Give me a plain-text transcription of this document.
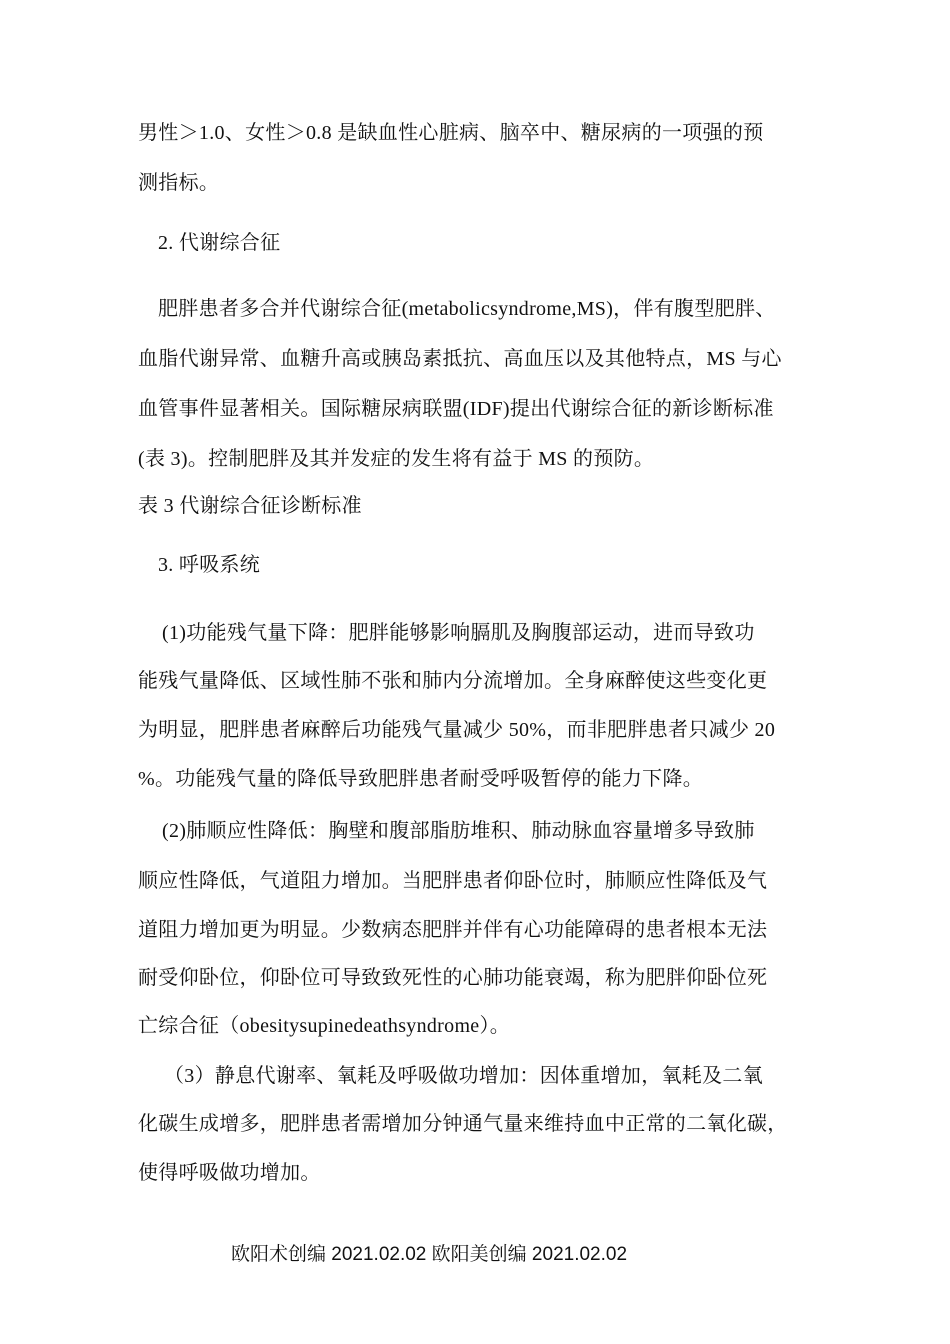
男性＞1.0、女性＞0.8 是缺血性心脏病、脑卒中、糖尿病的一项强的预
测指标。
2. 代谢综合征
肥胖患者多合并代谢综合征(metabolicsyndrome,MS)，伴有腹型肥胖、
血脂代谢异常、血糖升高或胰岛素抵抗、高血压以及其他特点，MS 与心
血管事件显著相关。国际糖尿病联盟(IDF)提出代谢综合征的新诊断标准
(表 3)。控制肥胖及其并发症的发生将有益于 MS 的预防。
表 3 代谢综合征诊断标准
3. 呼吸系统
(1)功能残气量下降：肥胖能够影响膈肌及胸腹部运动，进而导致功
能残气量降低、区域性肺不张和肺内分流增加。全身麻醉使这些变化更
为明显，肥胖患者麻醉后功能残气量减少 50%，而非肥胖患者只减少 20
%。功能残气量的降低导致肥胖患者耐受呼吸暂停的能力下降。
(2)肺顺应性降低：胸壁和腹部脂肪堆积、肺动脉血容量增多导致肺
顺应性降低，气道阻力增加。当肥胖患者仰卧位时，肺顺应性降低及气
道阻力增加更为明显。少数病态肥胖并伴有心功能障碍的患者根本无法
耐受仰卧位，仰卧位可导致致死性的心肺功能衰竭，称为肥胖仰卧位死
亡综合征（obesitysupinedeathsyndrome）。
（3）静息代谢率、氧耗及呼吸做功增加：因体重增加，氧耗及二氧
化碳生成增多，肥胖患者需增加分钟通气量来维持血中正常的二氧化碳，
使得呼吸做功增加。
欧阳术创编 2021.02.02 欧阳美创编 2021.02.02
